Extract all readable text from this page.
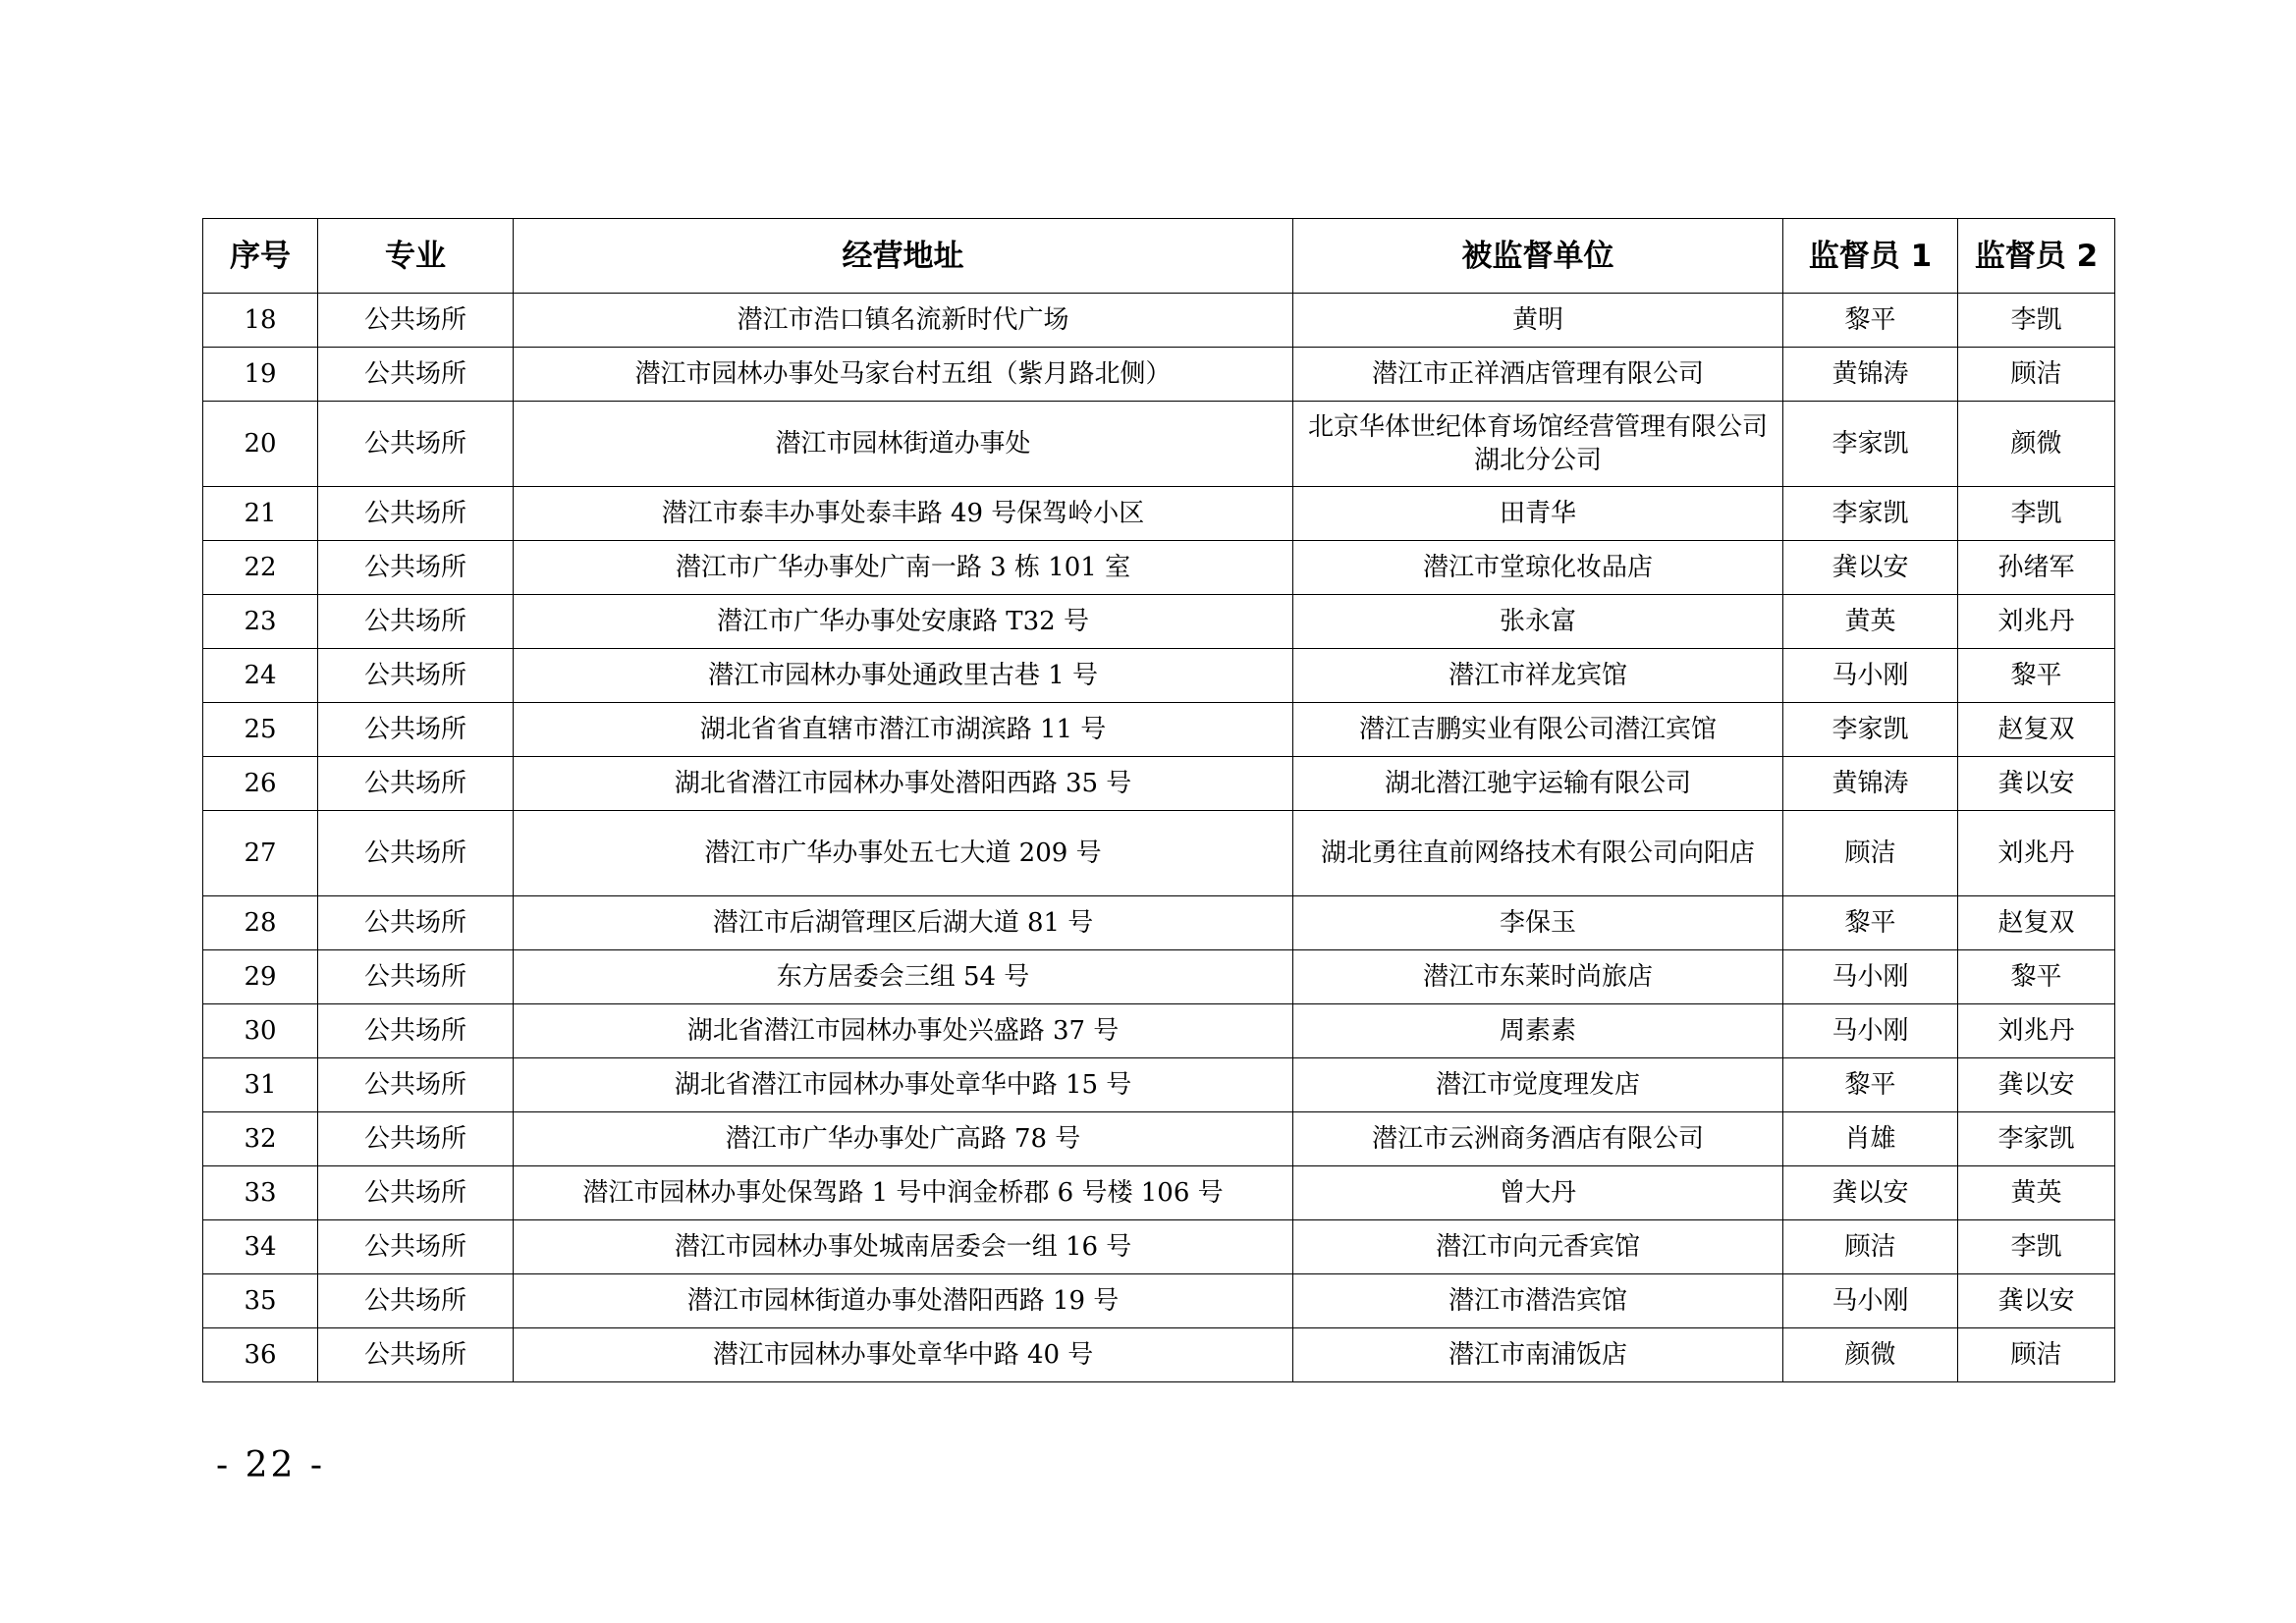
序号	专业	经营地址	被监督单位	监督员 1	监督员 2
18	公共场所	潜江市浩口镇名流新时代广场	黄明	黎平	李凯
19	公共场所	潜江市园林办事处马家台村五组（紫月路北侧）	潜江市正祥酒店管理有限公司	黄锦涛	顾洁
20	公共场所	潜江市园林街道办事处	北京华体世纪体育场馆经营管理有限公司湖北分公司	李家凯	颜微
21	公共场所	潜江市泰丰办事处泰丰路 49 号保驾岭小区	田青华	李家凯	李凯
22	公共场所	潜江市广华办事处广南一路 3 栋 101 室	潜江市堂琼化妆品店	龚以安	孙绪军
23	公共场所	潜江市广华办事处安康路 T32 号	张永富	黄英	刘兆丹
24	公共场所	潜江市园林办事处通政里古巷 1 号	潜江市祥龙宾馆	马小刚	黎平
25	公共场所	湖北省省直辖市潜江市湖滨路 11 号	潜江吉鹏实业有限公司潜江宾馆	李家凯	赵复双
26	公共场所	湖北省潜江市园林办事处潜阳西路 35 号	湖北潜江驰宇运输有限公司	黄锦涛	龚以安
27	公共场所	潜江市广华办事处五七大道 209 号	湖北勇往直前网络技术有限公司向阳店	顾洁	刘兆丹
28	公共场所	潜江市后湖管理区后湖大道 81 号	李保玉	黎平	赵复双
29	公共场所	东方居委会三组 54 号	潜江市东莱时尚旅店	马小刚	黎平
30	公共场所	湖北省潜江市园林办事处兴盛路 37 号	周素素	马小刚	刘兆丹
31	公共场所	湖北省潜江市园林办事处章华中路 15 号	潜江市觉度理发店	黎平	龚以安
32	公共场所	潜江市广华办事处广高路 78 号	潜江市云洲商务酒店有限公司	肖雄	李家凯
33	公共场所	潜江市园林办事处保驾路 1 号中润金桥郡 6 号楼 106 号	曾大丹	龚以安	黄英
34	公共场所	潜江市园林办事处城南居委会一组 16 号	潜江市向元香宾馆	顾洁	李凯
35	公共场所	潜江市园林街道办事处潜阳西路 19 号	潜江市潜浩宾馆	马小刚	龚以安
36	公共场所	潜江市园林办事处章华中路 40 号	潜江市南浦饭店	颜微	顾洁
- 22 -
